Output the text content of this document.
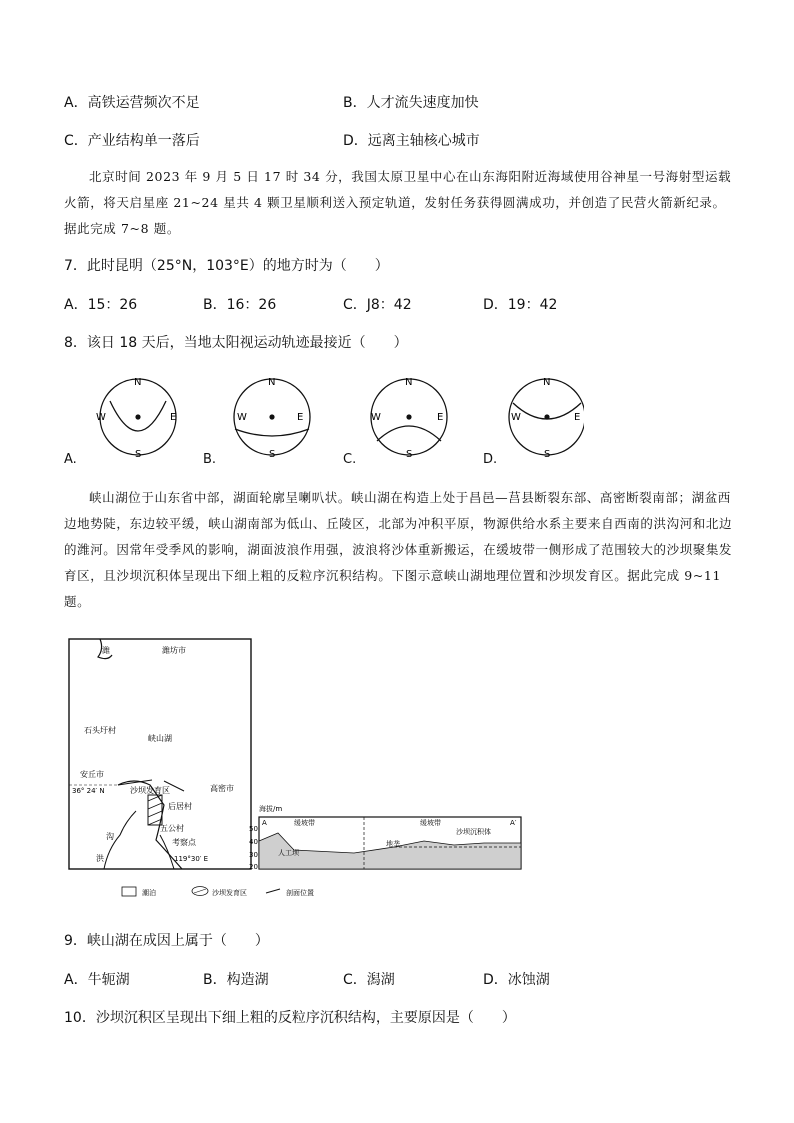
A．高铁运营频次不足	B．人才流失速度加快
C．产业结构单一落后	D．远离主轴核心城市

北京时间 2023 年 9 月 5 日 17 时 34 分，我国太原卫星中心在山东海阳附近海域使用谷神星一号海射型运载火箭，将天启星座 21~24 星共 4 颗卫星顺利送入预定轨道，发射任务获得圆满成功，并创造了民营火箭新纪录。据此完成 7~8 题。

7．此时昆明（25°N，103°E）的地方时为（　　）
A．15：26	B．16：26	C．J8：42	D．19：42
8．该日 18 天后，当地太阳视运动轨迹最接近（　　）
N
S
W	E
N
S
W	E
N
S
W	E
N
S
W	E
A.	B.	C.	D.

峡山湖位于山东省中部，湖面轮廓呈喇叭状。峡山湖在构造上处于昌邑—莒县断裂东部、高密断裂南部；湖盆西边地势陡，东边较平缓，峡山湖南部为低山、丘陵区，北部为冲积平原，物源供给水系主要来自西南的洪沟河和北边的潍河。因常年受季风的影响，湖面波浪作用强，波浪将沙体重新搬运，在缓坡带一侧形成了范围较大的沙坝聚集发育区，且沙坝沉积体呈现出下细上粗的反粒序沉积结构。下图示意峡山湖地理位置和沙坝发育区。据此完成 9~11 题。

潍	潍坊市
石头圩村
峡山湖
安丘市
36° 24′ N	沙坝发育区
后居村
高密市
五公村
考察点
沟
洪	119°30′ E
海拔/m
50
40
30
20
A	A′
缓坡带	缓坡带
人工坝
地垄
沙坝沉积体
潮泊	沙坝发育区	剖面位置
9．峡山湖在成因上属于（　　）
A．牛轭湖	B．构造湖	C．潟湖	D．冰蚀湖
10．沙坝沉积区呈现出下细上粗的反粒序沉积结构，主要原因是（　　）
